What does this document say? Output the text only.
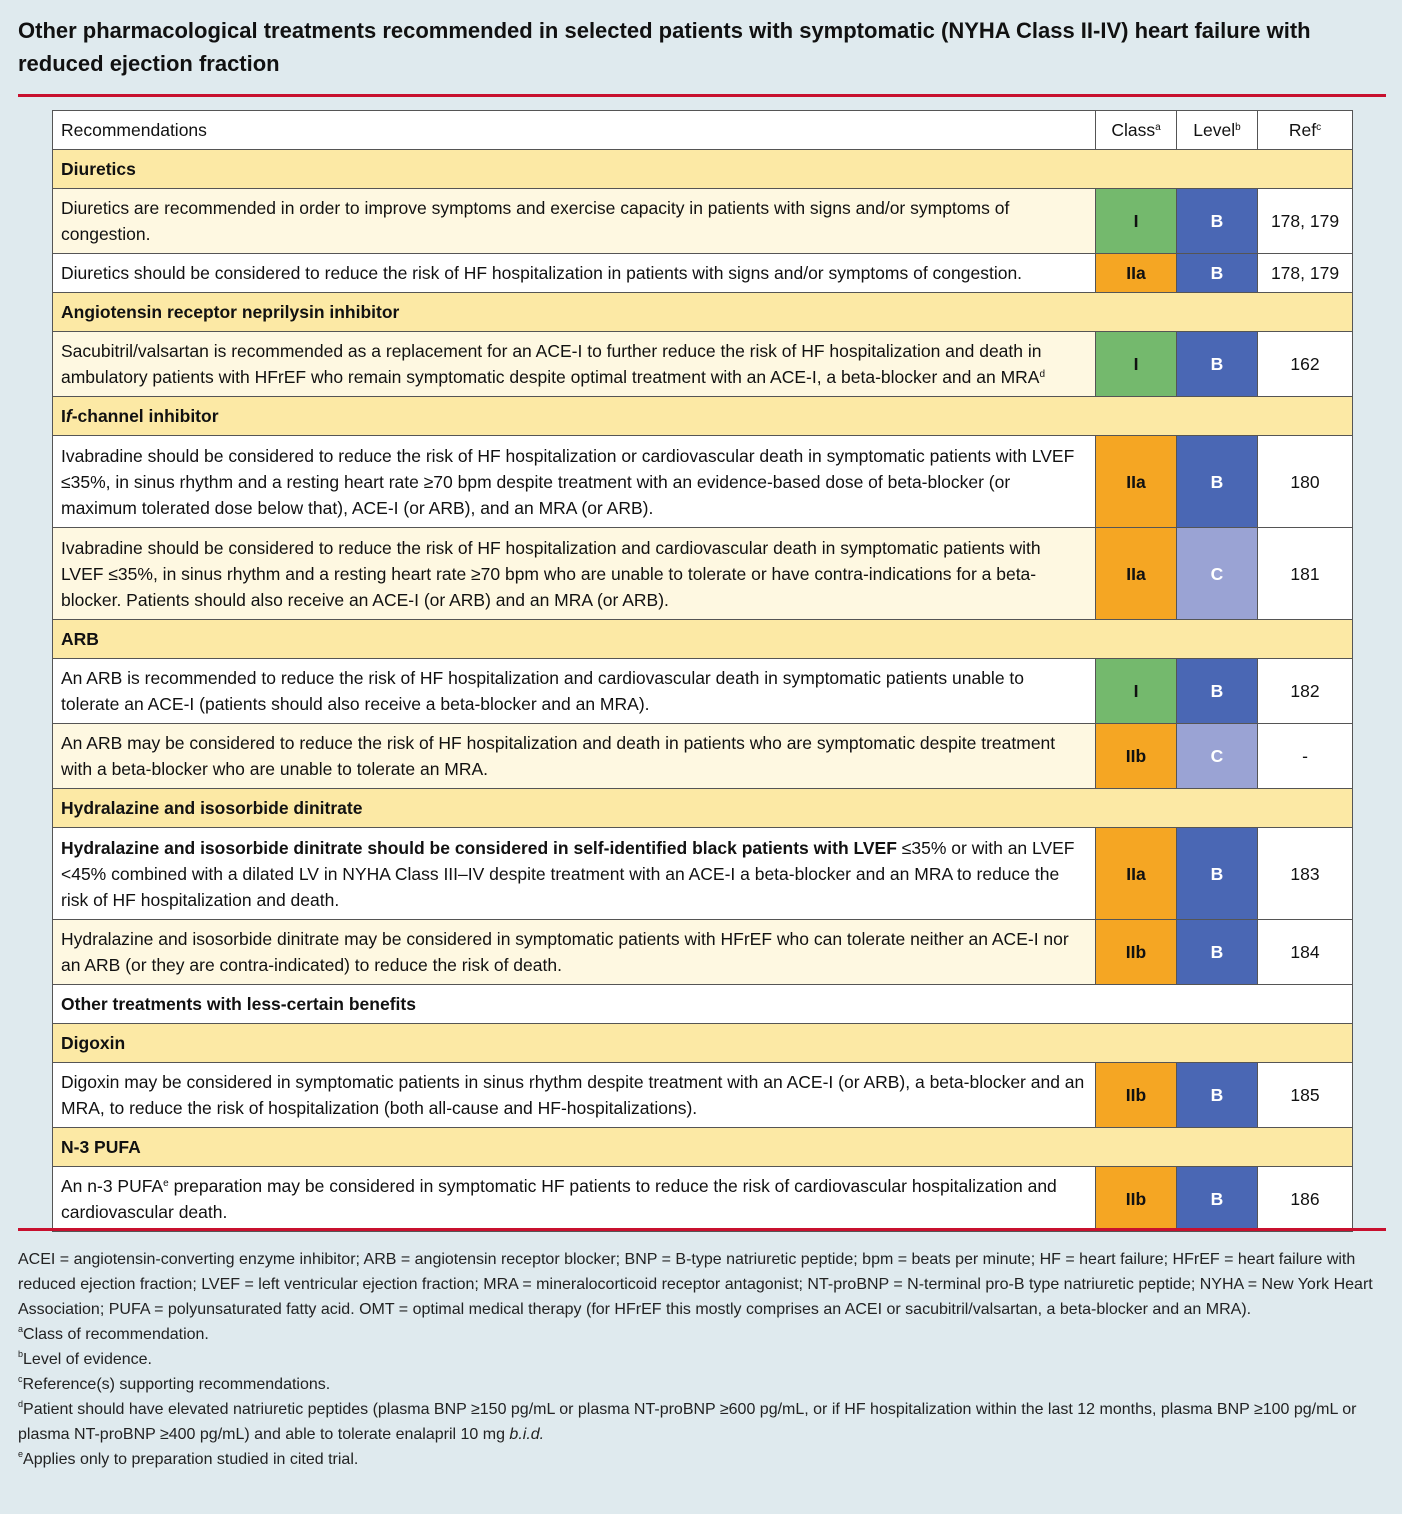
Other pharmacological treatments recommended in selected patients with symptomatic (NYHA Class II-IV) heart failure with reduced ejection fraction
Recommendations	Class$^a$	Level$^b$	Ref$^c$
Diuretics			
Diuretics are recommended in order to improve symptoms and exercise capacity in patients with signs and/or symptoms of congestion.	I	B	178, 179
Diuretics should be considered to reduce the risk of HF hospitalization in patients with signs and/or symptoms of congestion.	IIa	B	178, 179
Angiotensin receptor neprilysin inhibitor			
Sacubitril/valsartan is recommended as a replacement for an ACE-I to further reduce the risk of HF hospitalization and death in ambulatory patients with HFrEF who remain symptomatic despite optimal treatment with an ACE-I, a beta-blocker and an MRA$^d$	I	B	162
If-channel inhibitor			
Ivabradine should be considered to reduce the risk of HF hospitalization or cardiovascular death in symptomatic patients with LVEF ≤35%, in sinus rhythm and a resting heart rate ≥70 bpm despite treatment with an evidence-based dose of beta-blocker (or maximum tolerated dose below that), ACE-I (or ARB), and an MRA (or ARB).	IIa	B	180
Ivabradine should be considered to reduce the risk of HF hospitalization and cardiovascular death in symptomatic patients with LVEF ≤35%, in sinus rhythm and a resting heart rate ≥70 bpm who are unable to tolerate or have contra-indications for a beta-blocker. Patients should also receive an ACE-I (or ARB) and an MRA (or ARB).	IIa	C	181
ARB			
An ARB is recommended to reduce the risk of HF hospitalization and cardiovascular death in symptomatic patients unable to tolerate an ACE-I (patients should also receive a beta-blocker and an MRA).	I	B	182
An ARB may be considered to reduce the risk of HF hospitalization and death in patients who are symptomatic despite treatment with a beta-blocker who are unable to tolerate an MRA.	IIb	C	-
Hydralazine and isosorbide dinitrate			
Hydralazine and isosorbide dinitrate should be considered in self-identified black patients with LVEF ≤35% or with an LVEF <45% combined with a dilated LV in NYHA Class III–IV despite treatment with an ACE-I a beta-blocker and an MRA to reduce the risk of HF hospitalization and death.	IIa	B	183
Hydralazine and isosorbide dinitrate may be considered in symptomatic patients with HFrEF who can tolerate neither an ACE-I nor an ARB (or they are contra-indicated) to reduce the risk of death.	IIb	B	184
Other treatments with less-certain benefits			
Digoxin			
Digoxin may be considered in symptomatic patients in sinus rhythm despite treatment with an ACE-I (or ARB), a beta-blocker and an MRA, to reduce the risk of hospitalization (both all-cause and HF-hospitalizations).	IIb	B	185
N-3 PUFA			
An n-3 PUFA$^e$ preparation may be considered in symptomatic HF patients to reduce the risk of cardiovascular hospitalization and cardiovascular death.	IIb	B	186

ACEI = angiotensin-converting enzyme inhibitor; ARB = angiotensin receptor blocker; BNP = B-type natriuretic peptide; bpm = beats per minute; HF = heart failure; HFrEF = heart failure with reduced ejection fraction; LVEF = left ventricular ejection fraction; MRA = mineralocorticoid receptor antagonist; NT-proBNP = N-terminal pro-B type natriuretic peptide; NYHA = New York Heart Association; PUFA = polyunsaturated fatty acid. OMT = optimal medical therapy (for HFrEF this mostly comprises an ACEI or sacubitril/valsartan, a beta-blocker and an MRA).

$^a$Class of recommendation.

$^b$Level of evidence.

$^c$Reference(s) supporting recommendations.

$^d$Patient should have elevated natriuretic peptides (plasma BNP ≥150 pg/mL or plasma NT-proBNP ≥600 pg/mL, or if HF hospitalization within the last 12 months, plasma BNP ≥100 pg/mL or plasma NT-proBNP ≥400 pg/mL) and able to tolerate enalapril 10 mg b.i.d.

$^e$Applies only to preparation studied in cited trial.
